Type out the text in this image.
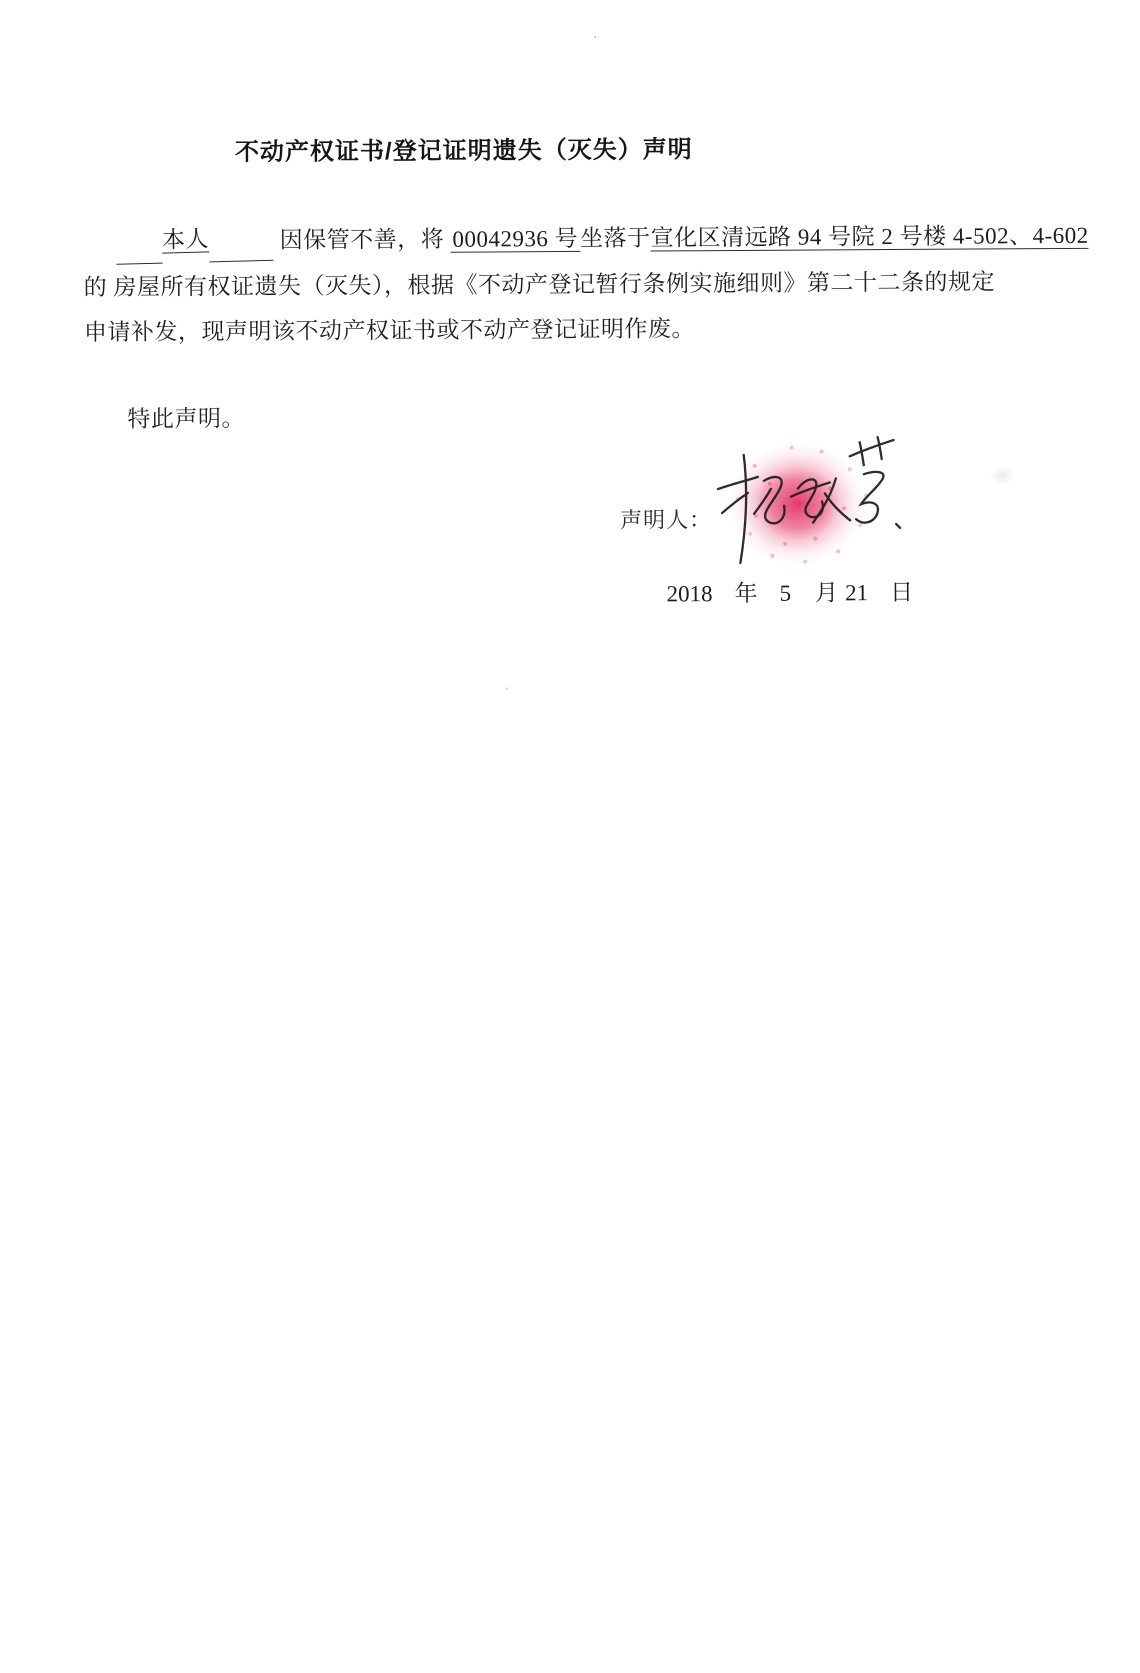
不动产权证书/登记证明遗失（灭失）声明
本人	因保管不善，将 00042936 号坐落于宣化区清远路 94 号院 2 号楼 4-502、4-602
的 房屋所有权证遗失（灭失），根据《不动产登记暂行条例实施细则》第二十二条的规定
申请补发，现声明该不动产权证书或不动产登记证明作废。
特此声明。
声明人：
2018 年 5 月 21 日
